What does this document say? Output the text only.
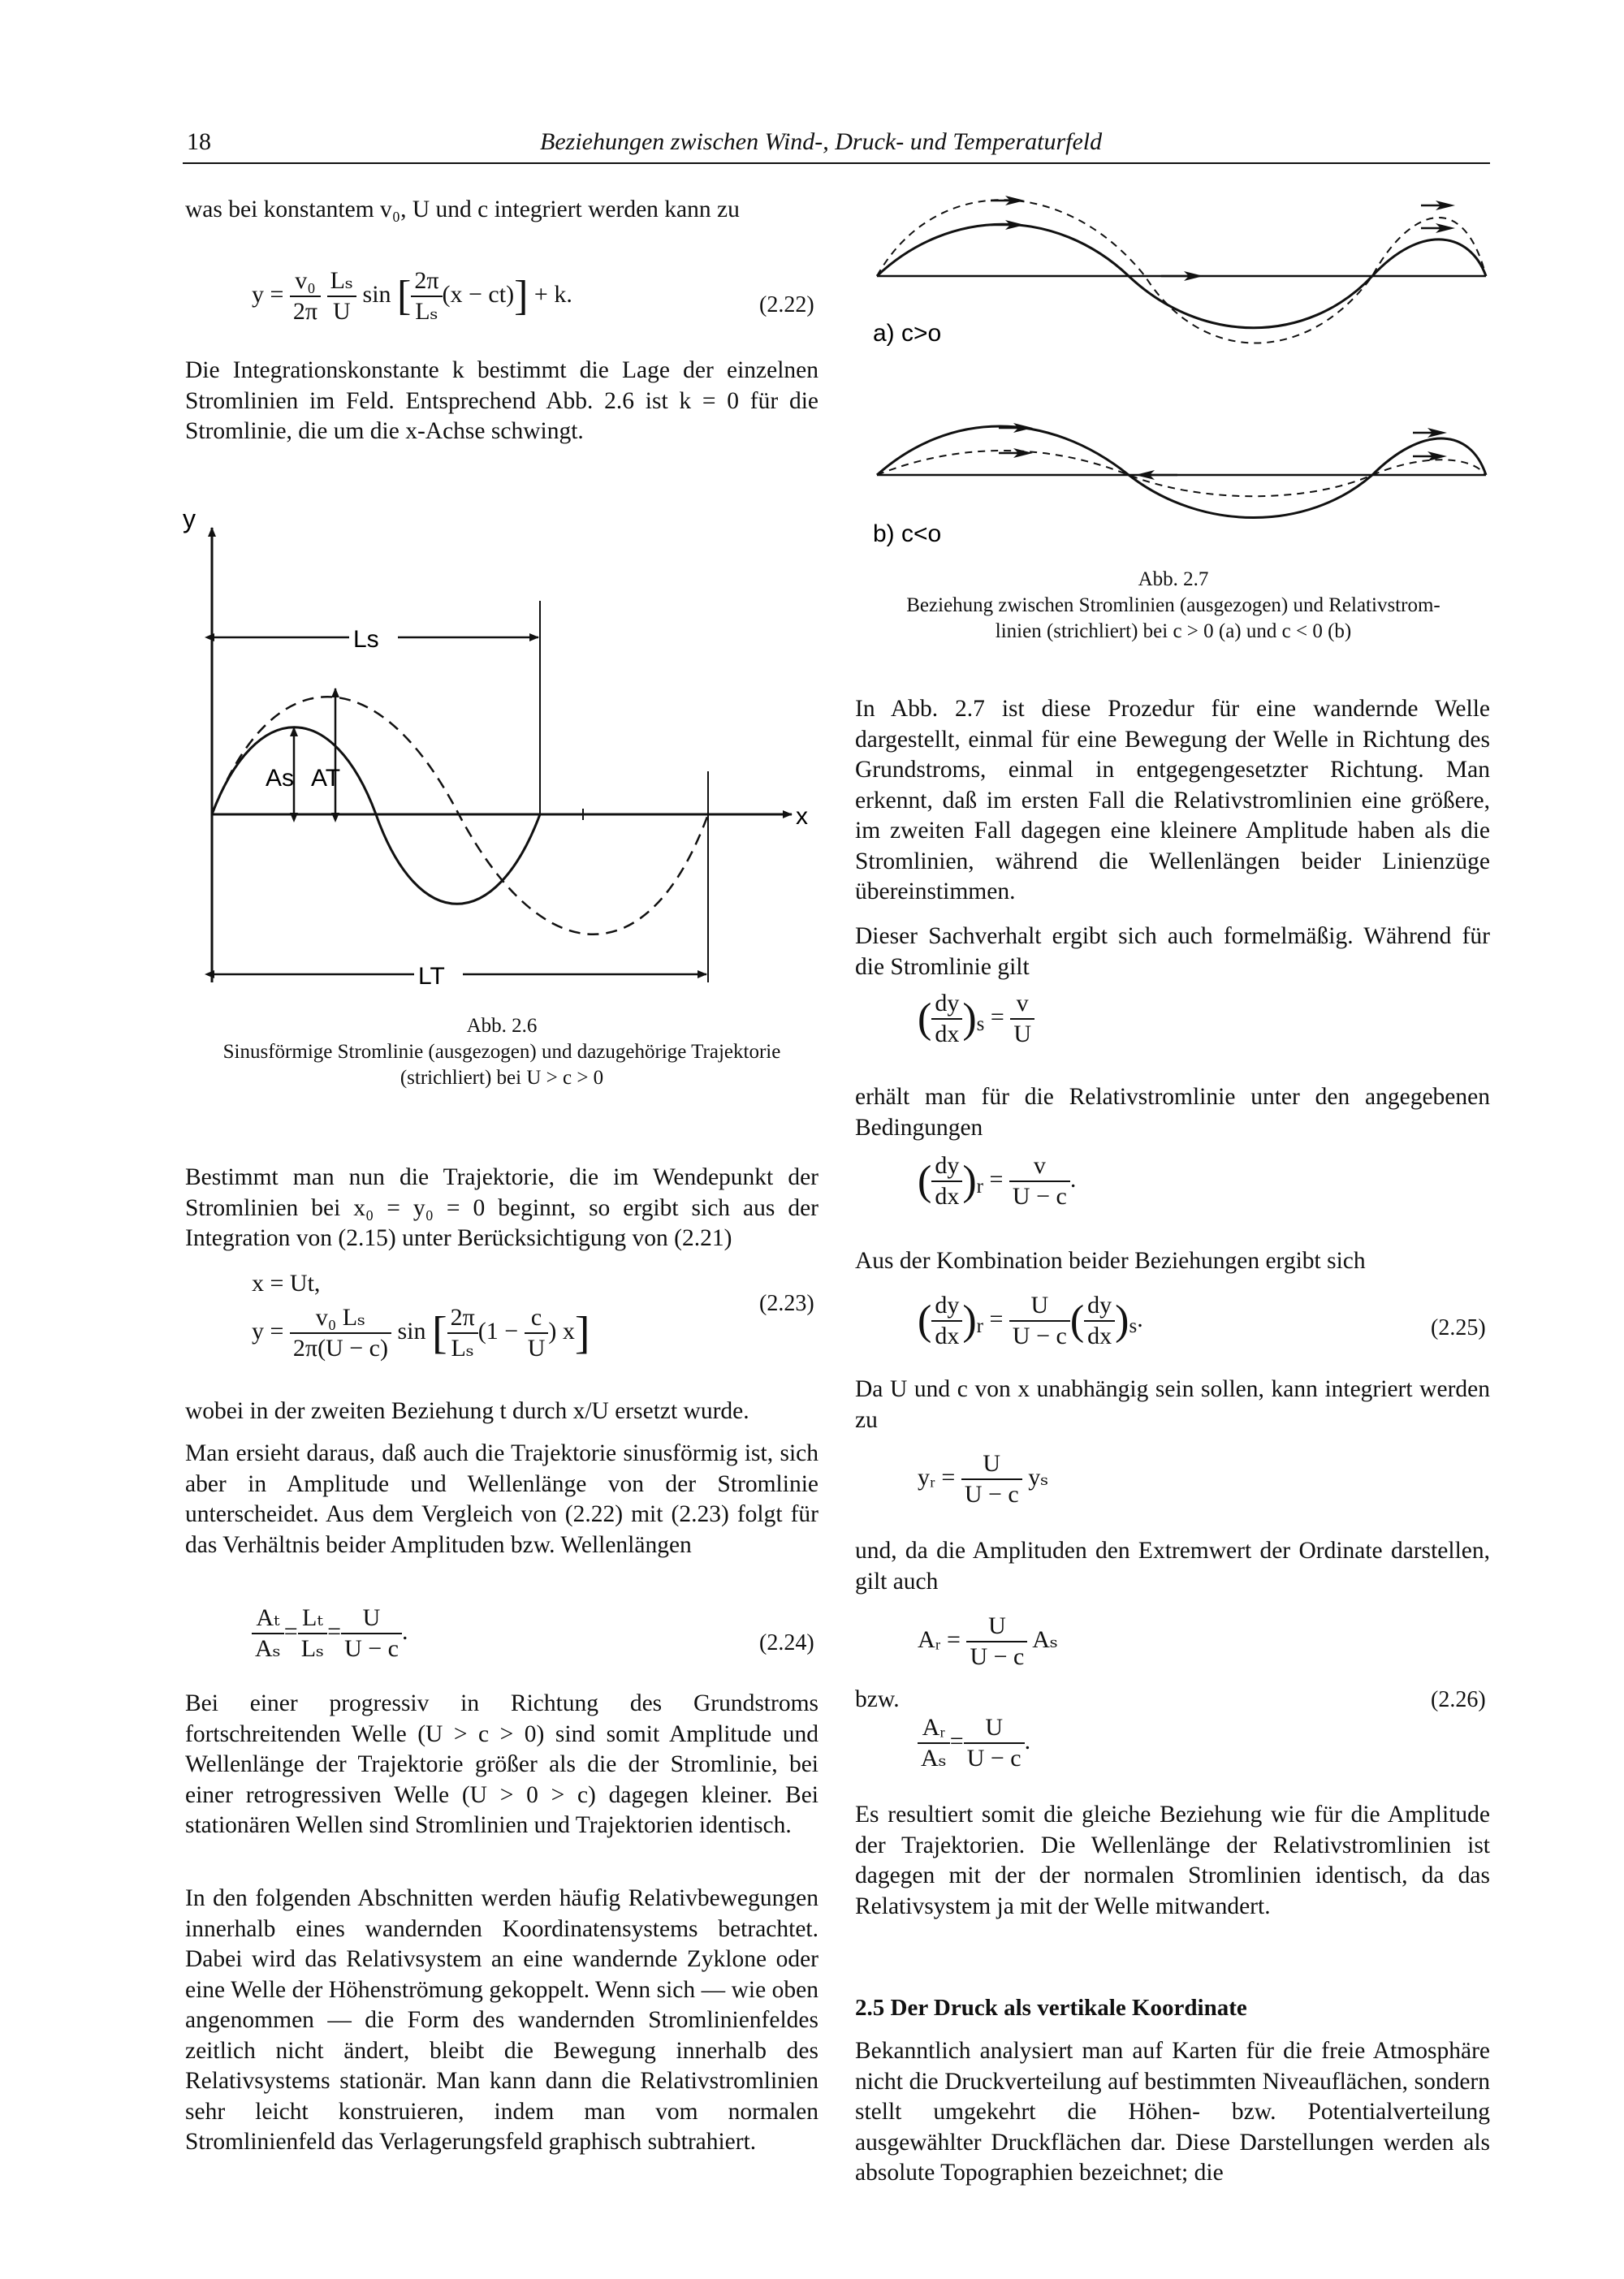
18	Beziehungen zwischen Wind-, Druck- und Temperaturfeld
was bei konstantem v₀, U und c integriert werden kann zu
$y = \frac{\text{v₀}}{2\pi}$
$\frac{\text{Lₛ}}{U}$ sin [ $\frac{2\pi}{\text{Lₛ}} (x - ct)] + k$.	(2.22)
Die Integrationskonstante k bestimmt die Lage der einzelnen Stromlinien im Feld. Entsprechend Abb. 2.6 ist k = 0 für die Stromlinie, die um die x-Achse schwingt.
y
x
Ls
LT
As AT
Abb. 2.6
Sinusförmige Stromlinie (ausgezogen) und dazugehörige Trajektorie
(strichliert) bei U > c > 0
Bestimmt man nun die Trajektorie, die im Wendepunkt der Stromlinien bei x₀ = y₀ = 0 beginnt, so ergibt sich aus der Integration von (2.15) unter Berücksichtigung von (2.21)
x = Ut,
(2.23)
$y = \frac{\text{v₀ Lₛ}}{2\pi(U - c)}$ sin [ $\frac{2\pi}{\text{Lₛ}} (1 - \frac{c}{U}$ ) x]
wobei in der zweiten Beziehung t durch x/U ersetzt wurde.
Man ersieht daraus, daß auch die Trajektorie sinusförmig ist, sich aber in Amplitude und Wellenlänge von der Stromlinie unterscheidet. Aus dem Vergleich von (2.22) mit (2.23) folgt für das Verhältnis beider Amplituden bzw. Wellenlängen
$\frac{\text{Aₜ}}{\text{Aₛ}} = \frac{\text{Lₜ}}{\text{Lₛ}} = \frac{U}{U - c}$ .	(2.24)
Bei einer progressiv in Richtung des Grundstroms fortschreitenden Welle (U > c > 0) sind somit Amplitude und Wellenlänge der Trajektorie größer als die der Stromlinie, bei einer retrogressiven Welle (U > 0 > c) dagegen kleiner. Bei stationären Wellen sind Stromlinien und Trajektorien identisch.
In den folgenden Abschnitten werden häufig Relativbewegungen innerhalb eines wandernden Koordinatensystems betrachtet. Dabei wird das Relativsystem an eine wandernde Zyklone oder eine Welle der Höhenströmung gekoppelt. Wenn sich — wie oben angenommen — die Form des wandernden Stromlinienfeldes zeitlich nicht ändert, bleibt die Bewegung innerhalb des Relativsystems stationär. Man kann dann die Relativstromlinien sehr leicht konstruieren, indem man vom normalen Stromlinienfeld das Verlagerungsfeld graphisch subtrahiert.
a) c>o
b) c<o
Abb. 2.7
Beziehung zwischen Stromlinien (ausgezogen) und Relativstrom-
linien (strichliert) bei c > 0 (a) und c < 0 (b)
In Abb. 2.7 ist diese Prozedur für eine wandernde Welle dargestellt, einmal für eine Bewegung der Welle in Richtung des Grundstroms, einmal in entgegengesetzter Richtung. Man erkennt, daß im ersten Fall die Relativstromlinien eine größere, im zweiten Fall dagegen eine kleinere Amplitude haben als die Stromlinien, während die Wellenlängen beider Linienzüge übereinstimmen.
Dieser Sachverhalt ergibt sich auch formelmäßig. Während für die Stromlinie gilt
( $\frac{dy}{dx} )_s = \frac{v}{U}$
erhält man für die Relativstromlinie unter den angegebenen Bedingungen
( $\frac{dy}{dx} )_r = \frac{v}{U - c}$ .
Aus der Kombination beider Beziehungen ergibt sich
( $\frac{dy}{dx} )_r = \frac{U}{U - c}$ ( $\frac{dy}{dx} )_s$.	(2.25)
Da U und c von x unabhängig sein sollen, kann integriert werden zu
yᵣ = $\frac{U}{U - c}$ yₛ
und, da die Amplituden den Extremwert der Ordinate darstellen, gilt auch
Aᵣ = $\frac{U}{U - c}$ Aₛ
bzw.	(2.26)
$\frac{\text{Aᵣ}}{\text{Aₛ}} = \frac{U}{U - c}$ .
Es resultiert somit die gleiche Beziehung wie für die Amplitude der Trajektorien. Die Wellenlänge der Relativstromlinien ist dagegen mit der der normalen Stromlinien identisch, da das Relativsystem ja mit der Welle mitwandert.
2.5 Der Druck als vertikale Koordinate
Bekanntlich analysiert man auf Karten für die freie Atmosphäre nicht die Druckverteilung auf bestimmten Niveauflächen, sondern stellt umgekehrt die Höhen- bzw. Potentialverteilung ausgewählter Druckflächen dar. Diese Darstellungen werden als absolute Topographien bezeichnet; die
